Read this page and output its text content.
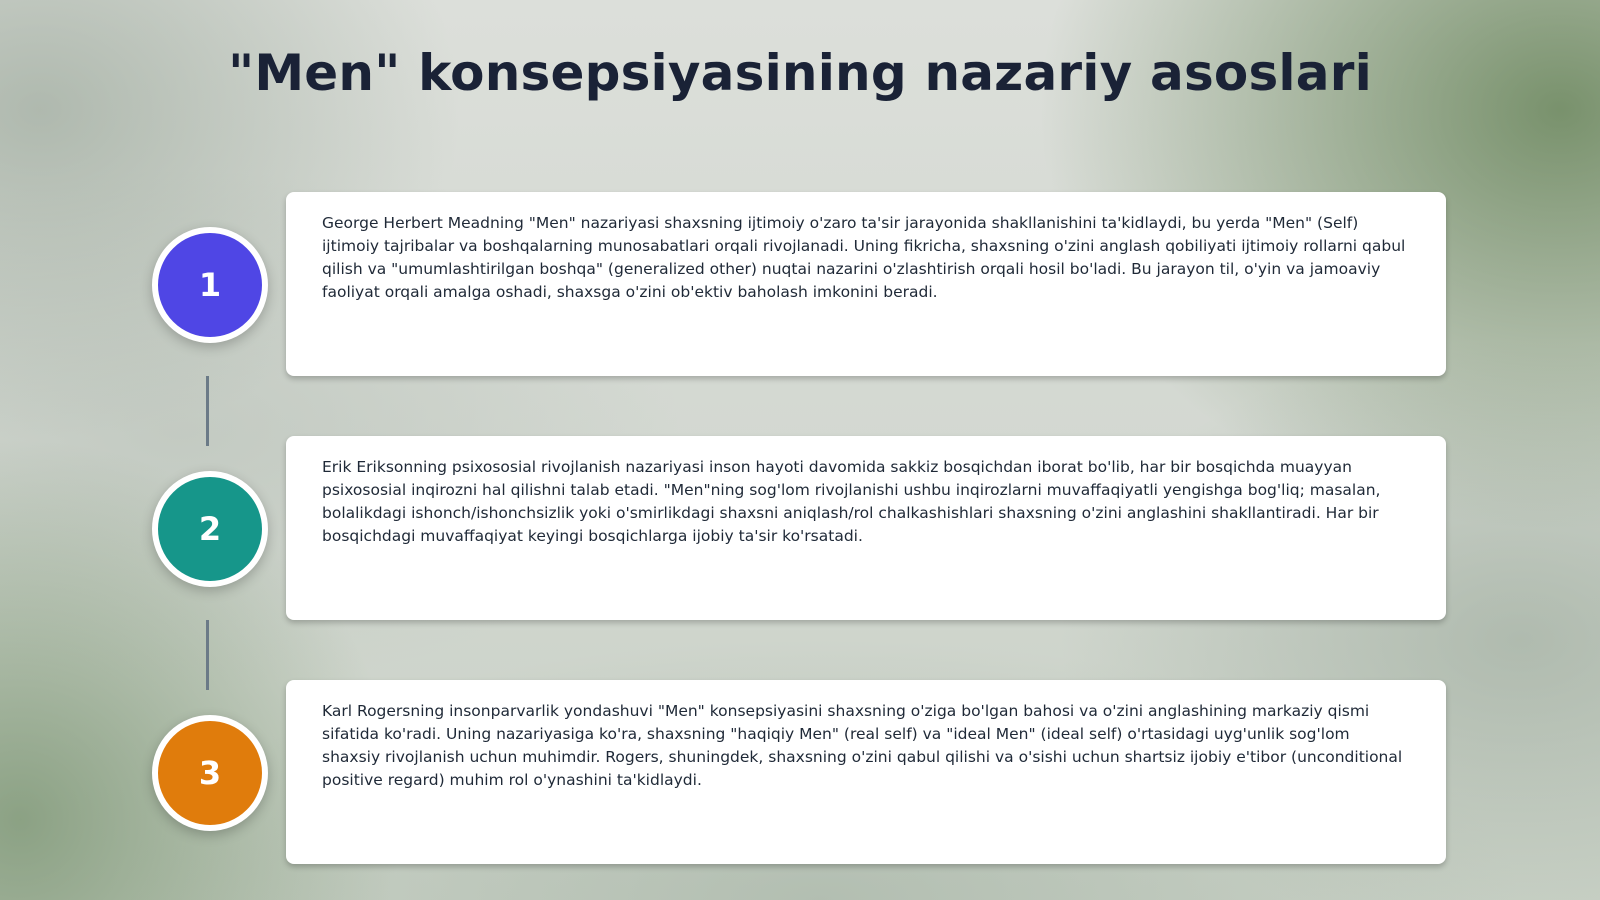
"Men" konsepsiyasining nazariy asoslari
1
2
3

George Herbert Meadning "Men" nazariyasi shaxsning ijtimoiy o'zaro ta'sir jarayonida shakllanishini ta'kidlaydi, bu yerda "Men" (Self) ijtimoiy tajribalar va boshqalarning munosabatlari orqali rivojlanadi. Uning fikricha, shaxsning o'zini anglash qobiliyati ijtimoiy rollarni qabul qilish va "umumlashtirilgan boshqa" (generalized other) nuqtai nazarini o'zlashtirish orqali hosil bo'ladi. Bu jarayon til, o'yin va jamoaviy faoliyat orqali amalga oshadi, shaxsga o'zini ob'ektiv baholash imkonini beradi.

Erik Eriksonning psixososial rivojlanish nazariyasi inson hayoti davomida sakkiz bosqichdan iborat bo'lib, har bir bosqichda muayyan psixososial inqirozni hal qilishni talab etadi. "Men"ning sog'lom rivojlanishi ushbu inqirozlarni muvaffaqiyatli yengishga bog'liq; masalan, bolalikdagi ishonch/ishonchsizlik yoki o'smirlikdagi shaxsni aniqlash/rol chalkashishlari shaxsning o'zini anglashini shakllantiradi. Har bir bosqichdagi muvaffaqiyat keyingi bosqichlarga ijobiy ta'sir ko'rsatadi.

Karl Rogersning insonparvarlik yondashuvi "Men" konsepsiyasini shaxsning o'ziga bo'lgan bahosi va o'zini anglashining markaziy qismi sifatida ko'radi. Uning nazariyasiga ko'ra, shaxsning "haqiqiy Men" (real self) va "ideal Men" (ideal self) o'rtasidagi uyg'unlik sog'lom shaxsiy rivojlanish uchun muhimdir. Rogers, shuningdek, shaxsning o'zini qabul qilishi va o'sishi uchun shartsiz ijobiy e'tibor (unconditional positive regard) muhim rol o'ynashini ta'kidlaydi.
